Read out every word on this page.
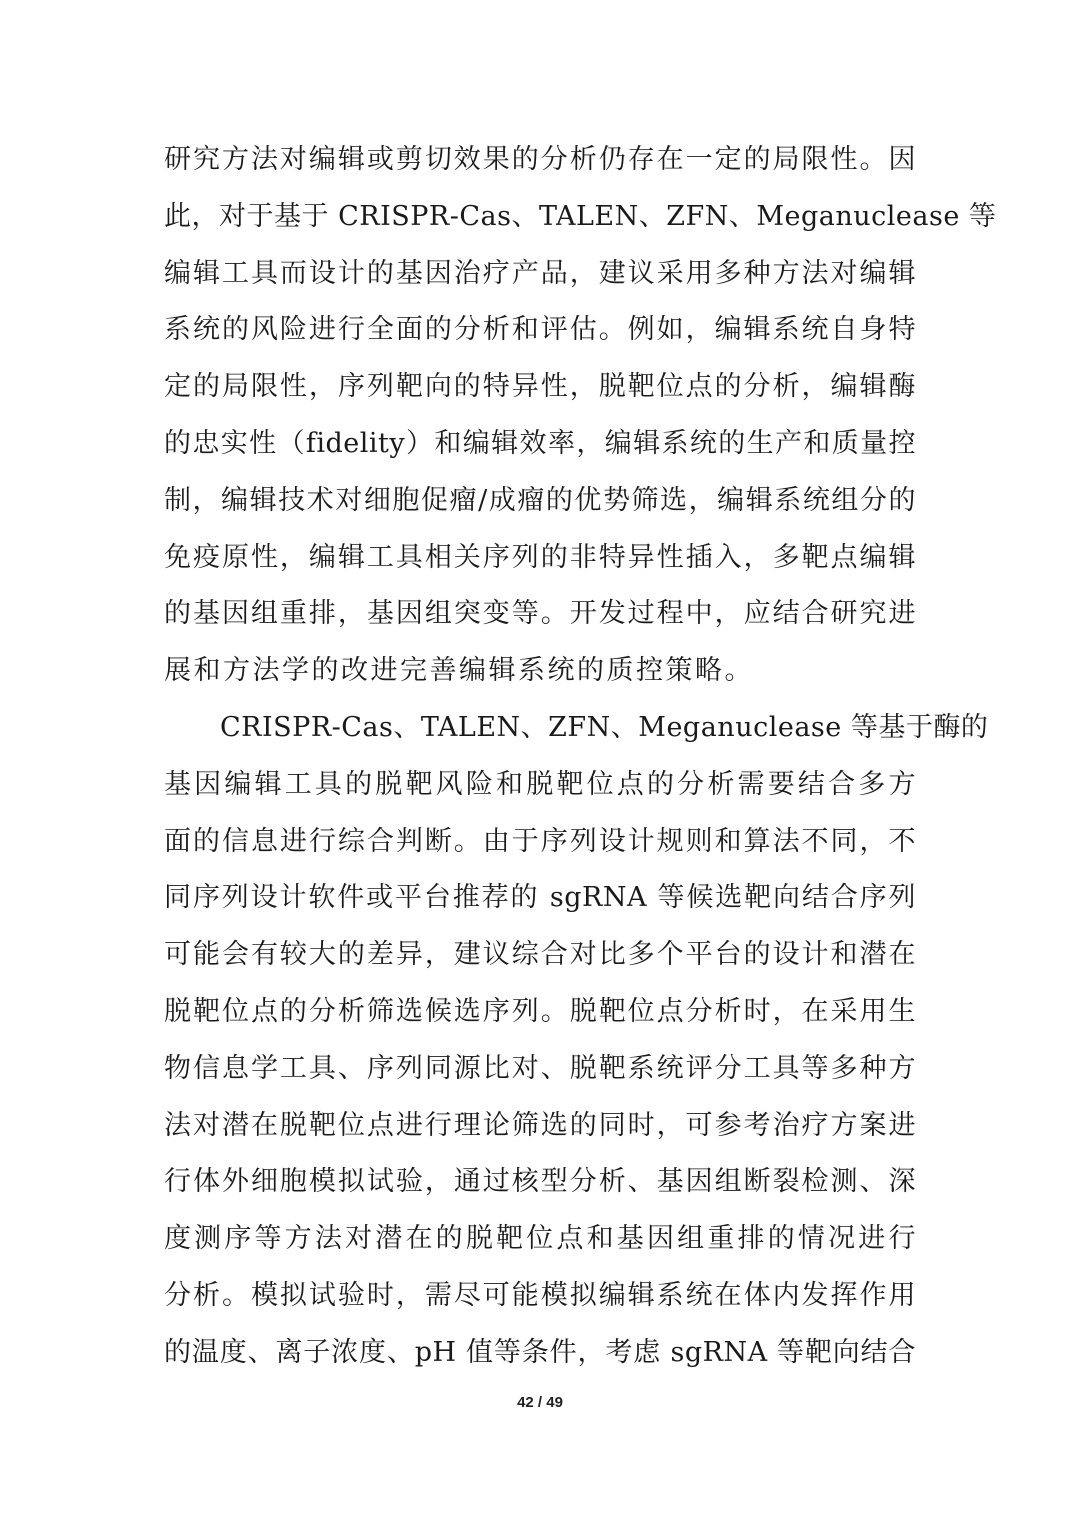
研究方法对编辑或剪切效果的分析仍存在一定的局限性。因
此，对于基于 CRISPR-Cas、TALEN、ZFN、Meganuclease 等
编辑工具而设计的基因治疗产品，建议采用多种方法对编辑
系统的风险进行全面的分析和评估。例如，编辑系统自身特
定的局限性，序列靶向的特异性，脱靶位点的分析，编辑酶
的忠实性（fidelity）和编辑效率，编辑系统的生产和质量控
制，编辑技术对细胞促瘤/成瘤的优势筛选，编辑系统组分的
免疫原性，编辑工具相关序列的非特异性插入，多靶点编辑
的基因组重排，基因组突变等。开发过程中，应结合研究进
展和方法学的改进完善编辑系统的质控策略。
CRISPR-Cas、TALEN、ZFN、Meganuclease 等基于酶的
基因编辑工具的脱靶风险和脱靶位点的分析需要结合多方
面的信息进行综合判断。由于序列设计规则和算法不同，不
同序列设计软件或平台推荐的 sgRNA 等候选靶向结合序列
可能会有较大的差异，建议综合对比多个平台的设计和潜在
脱靶位点的分析筛选候选序列。脱靶位点分析时，在采用生
物信息学工具、序列同源比对、脱靶系统评分工具等多种方
法对潜在脱靶位点进行理论筛选的同时，可参考治疗方案进
行体外细胞模拟试验，通过核型分析、基因组断裂检测、深
度测序等方法对潜在的脱靶位点和基因组重排的情况进行
分析。模拟试验时，需尽可能模拟编辑系统在体内发挥作用
的温度、离子浓度、pH 值等条件，考虑 sgRNA 等靶向结合
42 / 49
